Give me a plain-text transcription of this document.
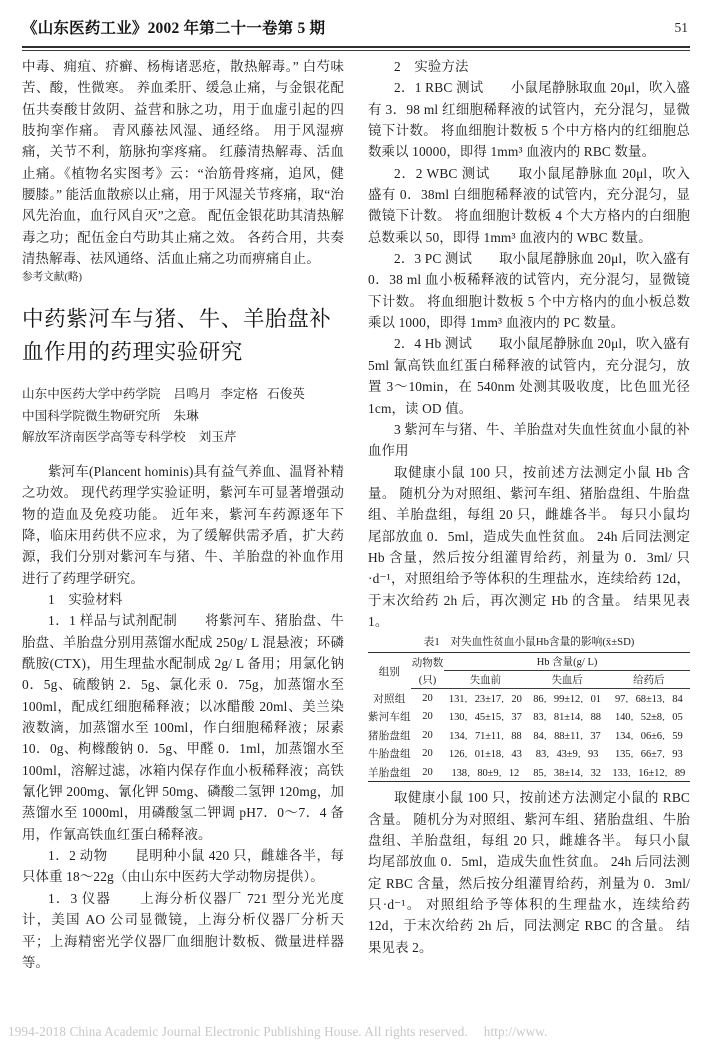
《山东医药工业》2002 年第二十一卷第 5 期	51

中毒、痈疽、疥癣、杨梅诸恶疮，散热解毒。” 白芍味苦、酸，性微寒。 养血柔肝、缓急止痛，与金银花配伍共奏酸甘敛阴、益营和脉之功，用于血虚引起的四肢拘挛作痛。 青风藤祛风湿、通经络。 用于风湿痹痛，关节不利，筋脉拘挛疼痛。 红藤清热解毒、活血止痛。《植物名实图考》云：“治筋骨疼痛，追风，健腰膝。” 能活血散瘀以止痛，用于风湿关节疼痛，取“治风先治血，血行风自灭”之意。 配伍金银花助其清热解毒之功；配伍金白芍助其止痛之效。 各药合用，共奏清热解毒、祛风通络、活血止痛之功而痹痛自止。

参考文献(略)

中药紫河车与猪、牛、羊胎盘补血作用的药理实验研究
山东中医药大学中药学院 吕鸣月 李定格 石俊英
中国科学院微生物研究所 朱琳
解放军济南医学高等专科学校 刘玉芹

紫河车(Plancent hominis)具有益气养血、温肾补精之功效。 现代药理学实验证明，紫河车可显著增强动物的造血及免疫功能。 近年来，紫河车药源逐年下降，临床用药供不应求，为了缓解供需矛盾，扩大药源，我们分别对紫河车与猪、牛、羊胎盘的补血作用进行了药理学研究。

1　实验材料

1．1 样品与试剂配制　　将紫河车、猪胎盘、牛胎盘、羊胎盘分别用蒸馏水配成 250g/ L 混悬液；环磷酰胺(CTX)，用生理盐水配制成 2g/ L 备用；用氯化钠 0．5g、硫酸钠 2．5g、氯化汞 0．75g，加蒸馏水至 100ml，配成红细胞稀释液；以冰醋酸 20ml、美兰染液数滴，加蒸馏水至 100ml，作白细胞稀释液；尿素 10．0g、枸橼酸钠 0．5g、甲醛 0．1ml，加蒸馏水至 100ml，溶解过滤，冰箱内保存作血小板稀释液；高铁氰化钾 200mg、氰化钾 50mg、磷酸二氢钾 120mg，加蒸馏水至 1000ml，用磷酸氢二钾调 pH7．0～7．4 备用，作氰高铁血红蛋白稀释液。

1．2 动物　　昆明种小鼠 420 只，雌雄各半，每只体重 18～22g（由山东中医药大学动物房提供）。

1．3 仪器　　上海分析仪器厂 721 型分光光度计，美国 AO 公司显微镜，上海分析仪器厂分析天平；上海精密光学仪器厂血细胞计数板、微量进样器等。

2　实验方法

2．1 RBC 测试　　小鼠尾静脉取血 20μl，吹入盛有 3．98 ml 红细胞稀释液的试管内，充分混匀，显微镜下计数。 将血细胞计数板 5 个中方格内的红细胞总数乘以 10000，即得 1mm³ 血液内的 RBC 数量。

2．2 WBC 测试　　取小鼠尾静脉血 20μl，吹入盛有 0．38ml 白细胞稀释液的试管内，充分混匀，显微镜下计数。 将血细胞计数板 4 个大方格内的白细胞总数乘以 50，即得 1mm³ 血液内的 WBC 数量。

2．3 PC 测试　　取小鼠尾静脉血 20μl，吹入盛有 0．38 ml 血小板稀释液的试管内，充分混匀，显微镜下计数。 将血细胞计数板 5 个中方格内的血小板总数乘以 1000，即得 1mm³ 血液内的 PC 数量。

2．4 Hb 测试　　取小鼠尾静脉血 20μl，吹入盛有 5ml 氰高铁血红蛋白稀释液的试管内，充分混匀，放置 3～10min，在 540nm 处测其吸收度，比色皿光径 1cm，读 OD 值。

3 紫河车与猪、牛、羊胎盘对失血性贫血小鼠的补血作用

取健康小鼠 100 只，按前述方法测定小鼠 Hb 含量。 随机分为对照组、紫河车组、猪胎盘组、牛胎盘组、羊胎盘组，每组 20 只，雌雄各半。 每只小鼠均尾部放血 0．5ml，造成失血性贫血。 24h 后同法测定 Hb 含量，然后按分组灌胃给药，剂量为 0．3ml/ 只·d⁻¹，对照组给予等体积的生理盐水，连续给药 12d，于末次给药 2h 后，再次测定 Hb 的含量。 结果见表 1。

表1　对失血性贫血小鼠Hb含量的影响(x̄±SD)
组别	动物数	Hb 含量(g/ L)		
	(只)	失血前	失血后	给药后
对照组	20	131．23±17．20	86．99±12．01	97．68±13．84
紫河车组	20	130．45±15．37	83．81±14．88	140．52±8．05
猪胎盘组	20	134．71±11．88	84．88±11．37	134．06±6．59
牛胎盘组	20	126．01±18．43	83．43±9．93	135．66±7．93
羊胎盘组	20	138．80±9．12	85．38±14．32	133．16±12．89

取健康小鼠 100 只，按前述方法测定小鼠的 RBC 含量。 随机分为对照组、紫河车组、猪胎盘组、牛胎盘组、羊胎盘组，每组 20 只，雌雄各半。 每只小鼠均尾部放血 0．5ml，造成失血性贫血。 24h 后同法测定 RBC 含量，然后按分组灌胃给药，剂量为 0．3ml/ 只·d⁻¹。 对照组给予等体积的生理盐水，连续给药 12d，于末次给药 2h 后，同法测定 RBC 的含量。 结果见表 2。

1994-2018 China Academic Journal Electronic Publishing House. All rights reserved. http://www.
